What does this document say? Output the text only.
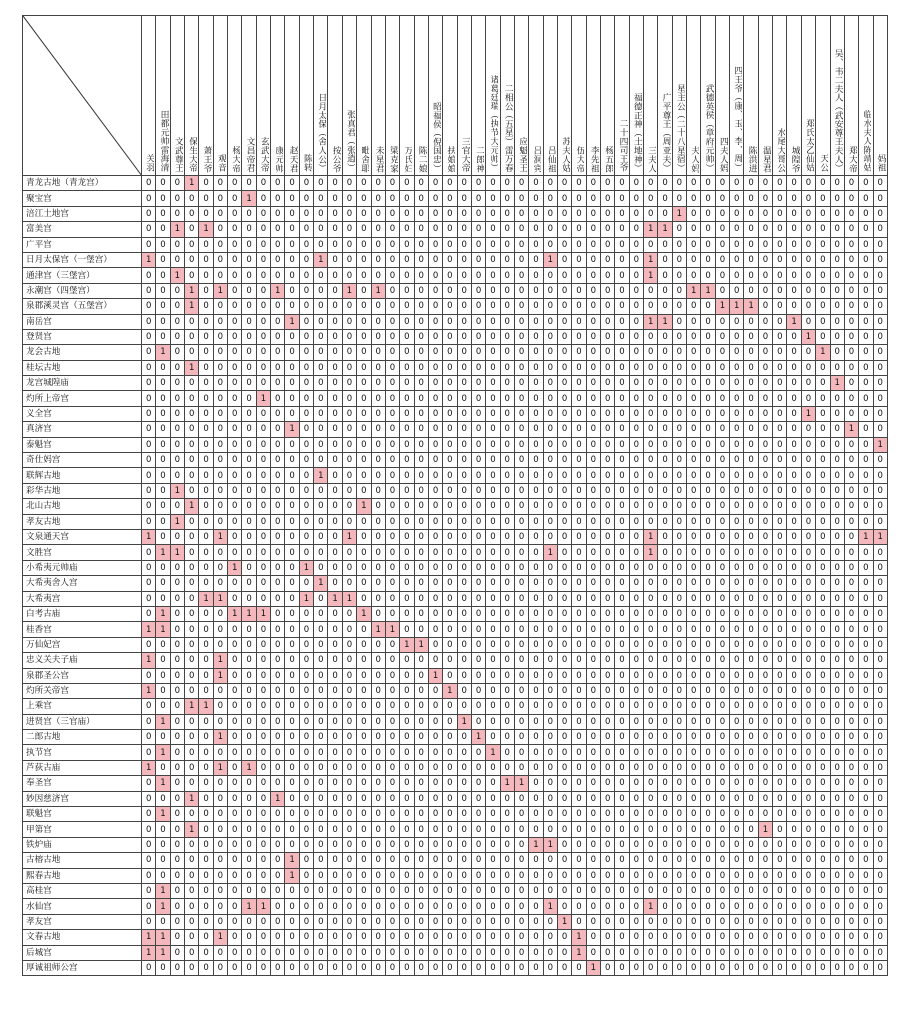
关羽	田都元帅雷海清	文武尊王	保生大帝	萧王爷	观音	杨大帝	文昌帝君	玄武大帝	康元帅	赵天君	陈转	日月太保（舍人公）	按公爷	张真君（张逍）	毗舍耶	未星君	梁克家	万氏妇	陈二娘	昭福侯（倪国忠）	扶娘娘	三官大帝	二郎神	诸葛廷瑞（执节大元帅）	二相公（五星）雷万春	应魁圣王	吕洞宾	吕仙祖	苏夫人姑	伍大帝	李先祖	杨五郎	二十四司王爷	福德正神（土地神）	三夫人	广平尊王（周亚夫）	星主公（二十八星宿）	夫人妈	武德英侯（章府元帅）	四夫人妈	四王爷（康、玉、李、周）	陈洪进	温星君	水尾大哥公	城隍爷	郑氏太乙仙姑	天公	吴、韦二夫人（武安尊王夫人）	郑大帝	临水夫人陈靖姑	妈祖

青龙古地（青龙宫）	0	0	0	1	0	0	0	0	0	0	0	0	0	0	0	0	0	0	0	0	0	0	0	0	0	0	0	0	0	0	0	0	0	0	0	0	0	0	0	0	0	0	0	0	0	0	0	0	0	0	0	0
聚宝宫	0	0	0	0	0	0	0	1	0	0	0	0	0	0	0	0	0	0	0	0	0	0	0	0	0	0	0	0	0	0	0	0	0	0	0	0	0	0	0	0	0	0	0	0	0	0	0	0	0	0	0	0
涪江土地宫	0	0	0	0	0	0	0	0	0	0	0	0	0	0	0	0	0	0	0	0	0	0	0	0	0	0	0	0	0	0	0	0	0	0	0	0	0	1	0	0	0	0	0	0	0	0	0	0	0	0	0	0
富美宫	0	0	1	0	1	0	0	0	0	0	0	0	0	0	0	0	0	0	0	0	0	0	0	0	0	0	0	0	0	0	0	0	0	0	0	1	1	0	0	0	0	0	0	0	0	0	0	0	0	0	0	0
广平宫	0	0	0	0	0	0	0	0	0	0	0	0	0	0	0	0	0	0	0	0	0	0	0	0	0	0	0	0	0	0	0	0	0	0	0	0	0	0	0	0	0	0	0	0	0	0	0	0	0	0	0	0
日月太保宫（一堡宫）	1	0	0	0	0	0	0	0	0	0	0	0	1	0	0	0	0	0	0	0	0	0	0	0	0	0	0	0	1	0	0	0	0	0	0	1	0	0	0	0	0	0	0	0	0	0	0	0	0	0	0	0
通津宫（三堡宫）	0	0	1	0	0	0	0	0	0	0	0	0	0	0	0	0	0	0	0	0	0	0	0	0	0	0	0	0	0	0	0	0	0	0	0	1	0	0	0	0	0	0	0	0	0	0	0	0	0	0	0	0
永潮宫（四堡宫）	0	0	0	1	0	1	0	0	0	1	0	0	0	0	1	0	1	0	0	0	0	0	0	0	0	0	0	0	0	0	0	0	0	0	0	0	0	0	1	1	0	0	0	0	0	0	0	0	0	0	0	0
泉郡溪灵宫（五堡宫）	0	0	0	1	0	0	0	0	0	0	0	0	0	0	0	0	0	0	0	0	0	0	0	0	0	0	0	0	0	0	0	0	0	0	0	0	0	0	0	0	1	1	1	0	0	0	0	0	0	0	0	0
南岳宫	0	0	0	0	0	0	0	0	0	0	1	0	0	0	0	0	0	0	0	0	0	0	0	0	0	0	0	0	0	0	0	0	0	0	0	1	1	0	0	0	0	0	0	0	0	1	0	0	0	0	0	0
登贤宫	0	0	0	0	0	0	0	0	0	0	0	0	0	0	0	0	0	0	0	0	0	0	0	0	0	0	0	0	0	0	0	0	0	0	0	0	0	0	0	0	0	0	0	0	0	0	1	0	0	0	0	0
龙会古地	0	1	0	0	0	0	0	0	0	0	0	0	0	0	0	0	0	0	0	0	0	0	0	0	0	0	0	0	0	0	0	0	0	0	0	0	0	0	0	0	0	0	0	0	0	0	0	1	0	0	0	0
桂坛古地	0	0	0	1	0	0	0	0	0	0	0	0	0	0	0	0	0	0	0	0	0	0	0	0	0	0	0	0	0	0	0	0	0	0	0	0	0	0	0	0	0	0	0	0	0	0	0	0	0	0	0	0
龙宫城隍庙	0	0	0	0	0	0	0	0	0	0	0	0	0	0	0	0	0	0	0	0	0	0	0	0	0	0	0	0	0	0	0	0	0	0	0	0	0	0	0	0	0	0	0	0	0	0	0	0	1	0	0	0
灼所上帝宫	0	0	0	0	0	0	0	0	1	0	0	0	0	0	0	0	0	0	0	0	0	0	0	0	0	0	0	0	0	0	0	0	0	0	0	0	0	0	0	0	0	0	0	0	0	0	0	0	0	0	0	0
义全宫	0	0	0	0	0	0	0	0	0	0	0	0	0	0	0	0	0	0	0	0	0	0	0	0	0	0	0	0	0	0	0	0	0	0	0	0	0	0	0	0	0	0	0	0	0	0	1	0	0	0	0	0
真济宫	0	0	0	0	0	0	0	0	0	0	1	0	0	0	0	0	0	0	0	0	0	0	0	0	0	0	0	0	0	0	0	0	0	0	0	0	0	0	0	0	0	0	0	0	0	0	0	0	0	1	0	0
泰魁宫	0	0	0	0	0	0	0	0	0	0	0	0	0	0	0	0	0	0	0	0	0	0	0	0	0	0	0	0	0	0	0	0	0	0	0	0	0	0	0	0	0	0	0	0	0	0	0	0	0	0	0	1
奇仕妈宫	0	0	0	0	0	0	0	0	0	0	0	0	0	0	0	0	0	0	0	0	0	0	0	0	0	0	0	0	0	0	0	0	0	0	0	0	0	0	0	0	0	0	0	0	0	0	0	0	0	0	0	0
联辉古地	0	0	0	0	0	0	0	0	0	0	0	0	1	0	0	0	0	0	0	0	0	0	0	0	0	0	0	0	0	0	0	0	0	0	0	0	0	0	0	0	0	0	0	0	0	0	0	0	0	0	0	0
彩华古地	0	0	1	0	0	0	0	0	0	0	0	0	0	0	0	0	0	0	0	0	0	0	0	0	0	0	0	0	0	0	0	0	0	0	0	0	0	0	0	0	0	0	0	0	0	0	0	0	0	0	0	0
北山古地	0	0	0	1	0	0	0	0	0	0	0	0	0	0	0	1	0	0	0	0	0	0	0	0	0	0	0	0	0	0	0	0	0	0	0	0	0	0	0	0	0	0	0	0	0	0	0	0	0	0	0	0
孝友古地	0	0	1	0	0	0	0	0	0	0	0	0	0	0	0	0	0	0	0	0	0	0	0	0	0	0	0	0	0	0	0	0	0	0	0	0	0	0	0	0	0	0	0	0	0	0	0	0	0	0	0	0
文泉通天宫	1	0	0	0	0	1	0	0	0	0	0	0	0	0	1	0	0	0	0	0	0	0	0	0	0	0	0	0	0	0	0	0	0	0	0	1	0	0	0	0	0	0	0	0	0	0	0	0	0	0	1	1
文胜宫	0	1	1	0	0	0	0	0	0	0	0	0	0	0	0	0	0	0	0	0	0	0	0	0	0	0	0	0	1	0	0	0	0	0	0	1	0	0	0	0	0	0	0	0	0	0	0	0	0	0	0	0
小希夷元帅庙	0	0	0	0	0	0	1	0	0	0	0	1	0	0	0	0	0	0	0	0	0	0	0	0	0	0	0	0	0	0	0	0	0	0	0	0	0	0	0	0	0	0	0	0	0	0	0	0	0	0	0	0
大希夷舍人宫	0	0	0	0	0	0	0	0	0	0	0	0	1	0	0	0	0	0	0	0	0	0	0	0	0	0	0	0	0	0	0	0	0	0	0	0	0	0	0	0	0	0	0	0	0	0	0	0	0	0	0	0
大希夷宫	0	0	0	0	1	1	0	0	0	0	0	1	0	1	1	0	0	0	0	0	0	0	0	0	0	0	0	0	0	0	0	0	0	0	0	0	0	0	0	0	0	0	0	0	0	0	0	0	0	0	0	0
白考古庙	0	1	0	0	0	0	1	1	1	0	0	0	0	0	0	1	0	0	0	0	0	0	0	0	0	0	0	0	0	0	0	0	0	0	0	0	0	0	0	0	0	0	0	0	0	0	0	0	0	0	0	0
桂香宫	1	1	0	0	0	0	0	0	0	0	0	0	0	0	0	0	1	1	0	0	0	0	0	0	0	0	0	0	0	0	0	0	0	0	0	0	0	0	0	0	0	0	0	0	0	0	0	0	0	0	0	0
万仙妃宫	0	0	0	0	0	0	0	0	0	0	0	0	0	0	0	0	0	0	1	1	0	0	0	0	0	0	0	0	0	0	0	0	0	0	0	0	0	0	0	0	0	0	0	0	0	0	0	0	0	0	0	0
忠义关夫子庙	1	0	0	0	0	1	0	0	0	0	0	0	0	0	0	0	0	0	0	0	0	0	0	0	0	0	0	0	0	0	0	0	0	0	0	0	0	0	0	0	0	0	0	0	0	0	0	0	0	0	0	0
泉郡圣公宫	0	0	0	0	0	1	0	0	0	0	0	0	0	0	0	0	0	0	0	0	1	0	0	0	0	0	0	0	0	0	0	0	0	0	0	0	0	0	0	0	0	0	0	0	0	0	0	0	0	0	0	0
灼所关帝宫	1	0	0	0	0	0	0	0	0	0	0	0	0	0	0	0	0	0	0	0	0	1	0	0	0	0	0	0	0	0	0	0	0	0	0	0	0	0	0	0	0	0	0	0	0	0	0	0	0	0	0	0
上乘宫	0	0	0	1	1	0	0	0	0	0	0	0	0	0	0	0	0	0	0	0	0	0	0	0	0	0	0	0	0	0	0	0	0	0	0	0	0	0	0	0	0	0	0	0	0	0	0	0	0	0	0	0
进贤宫（三官庙）	0	1	0	0	0	0	0	0	0	0	0	0	0	0	0	0	0	0	0	0	0	0	1	0	0	0	0	0	0	0	0	0	0	0	0	0	0	0	0	0	0	0	0	0	0	0	0	0	0	0	0	0
二郎古地	0	0	0	0	0	1	0	0	0	0	0	0	0	0	0	0	0	0	0	0	0	0	0	1	0	0	0	0	0	0	0	0	0	0	0	0	0	0	0	0	0	0	0	0	0	0	0	0	0	0	0	0
执节宫	0	1	0	0	0	0	0	0	0	0	0	0	0	0	0	0	0	0	0	0	0	0	0	0	1	0	0	0	0	0	0	0	0	0	0	0	0	0	0	0	0	0	0	0	0	0	0	0	0	0	0	0
芦荻古庙	1	0	0	0	0	1	0	1	0	0	0	0	0	0	0	0	0	0	0	0	0	0	0	0	0	0	0	0	0	0	0	0	0	0	0	0	0	0	0	0	0	0	0	0	0	0	0	0	0	0	0	0
奉圣宫	0	1	0	0	0	0	0	0	0	0	0	0	0	0	0	0	0	0	0	0	0	0	0	0	0	1	1	0	0	0	0	0	0	0	0	0	0	0	0	0	0	0	0	0	0	0	0	0	0	0	0	0
妙因慈济宫	0	0	0	1	0	0	0	0	0	1	0	0	0	0	0	0	0	0	0	0	0	0	0	0	0	0	0	0	0	0	0	0	0	0	0	0	0	0	0	0	0	0	0	0	0	0	0	0	0	0	0	0
联魁宫	0	1	0	0	0	0	0	0	0	0	0	0	0	0	0	0	0	0	0	0	0	0	0	0	0	0	0	0	0	0	0	0	0	0	0	0	0	0	0	0	0	0	0	0	0	0	0	0	0	0	0	0
甲第宫	0	0	0	1	0	0	0	0	0	0	0	0	0	0	0	0	0	0	0	0	0	0	0	0	0	0	0	0	0	0	0	0	0	0	0	0	0	0	0	0	0	0	0	1	0	0	0	0	0	0	0	0
铁炉庙	0	0	0	0	0	0	0	0	0	0	0	0	0	0	0	0	0	0	0	0	0	0	0	0	0	0	0	1	1	0	0	0	0	0	0	0	0	0	0	0	0	0	0	0	0	0	0	0	0	0	0	0
古榕古地	0	0	0	0	0	0	0	0	0	0	1	0	0	0	0	0	0	0	0	0	0	0	0	0	0	0	0	0	0	0	0	0	0	0	0	0	0	0	0	0	0	0	0	0	0	0	0	0	0	0	0	0
熙春古地	0	0	0	0	0	0	0	0	0	0	1	0	0	0	0	0	0	0	0	0	0	0	0	0	0	0	0	0	0	0	0	0	0	0	0	0	0	0	0	0	0	0	0	0	0	0	0	0	0	0	0	0
高桂宫	0	1	0	0	0	0	0	0	0	0	0	0	0	0	0	0	0	0	0	0	0	0	0	0	0	0	0	0	0	0	0	0	0	0	0	0	0	0	0	0	0	0	0	0	0	0	0	0	0	0	0	0
水仙宫	0	1	0	0	0	0	0	1	1	0	0	0	0	0	0	0	0	0	0	0	0	0	0	0	0	0	0	0	1	0	0	0	0	0	0	1	0	0	0	0	0	0	0	0	0	0	0	0	0	0	0	0
孝友宫	0	0	0	0	0	0	0	0	0	0	0	0	0	0	0	0	0	0	0	0	0	0	0	0	0	0	0	0	0	1	0	0	0	0	0	0	0	0	0	0	0	0	0	0	0	0	0	0	0	0	0	0
文春古地	1	1	0	0	0	1	0	0	0	0	0	0	0	0	0	0	0	0	0	0	0	0	0	0	0	0	0	0	0	0	1	0	0	0	0	0	0	0	0	0	0	0	0	0	0	0	0	0	0	0	0	0
后城宫	1	1	0	0	0	0	0	0	0	0	0	0	0	0	0	0	0	0	0	0	0	0	0	0	0	0	0	0	0	0	1	0	0	0	0	0	0	0	0	0	0	0	0	0	0	0	0	0	0	0	0	0
厚诚祖师公宫	0	0	0	0	0	0	0	0	0	0	0	0	0	0	0	0	0	0	0	0	0	0	0	0	0	0	0	0	0	0	0	1	0	0	0	0	0	0	0	0	0	0	0	0	0	0	0	0	0	0	0	0
